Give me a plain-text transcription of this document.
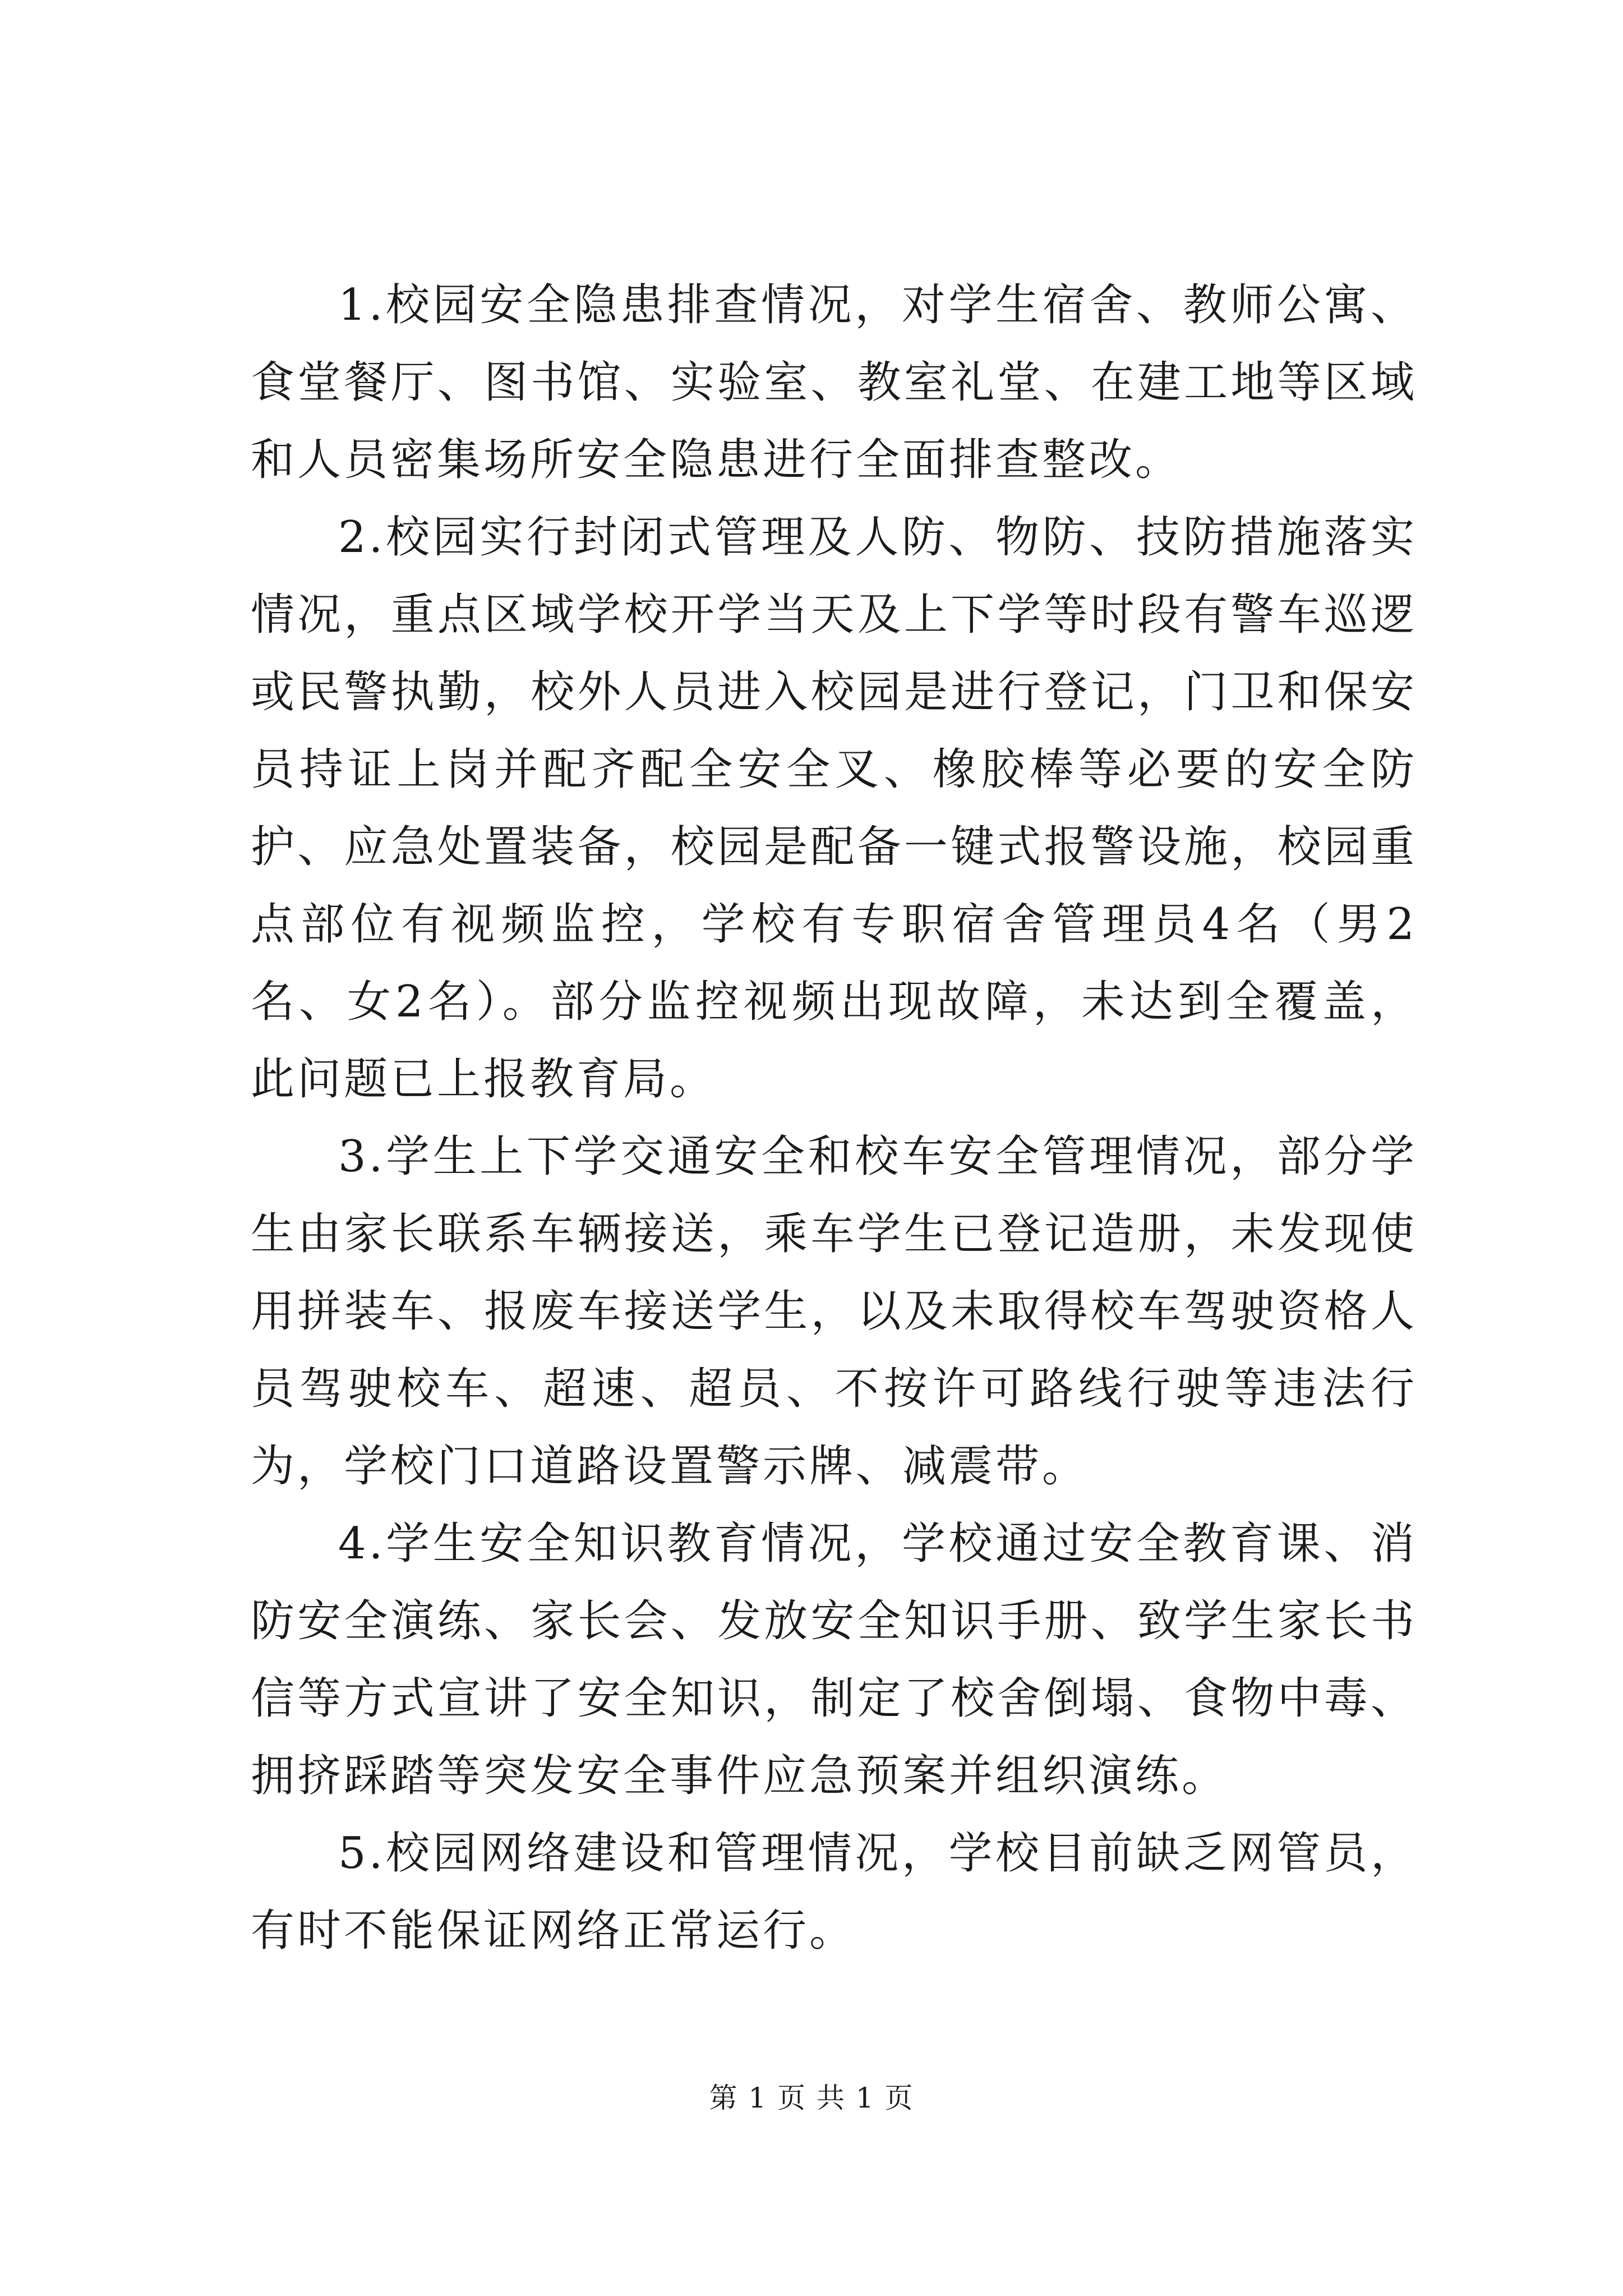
1.校园安全隐患排查情况，对学生宿舍、教师公寓、食堂餐厅、图书馆、实验室、教室礼堂、在建工地等区域和人员密集场所安全隐患进行全面排查整改。

2.校园实行封闭式管理及人防、物防、技防措施落实情况，重点区域学校开学当天及上下学等时段有警车巡逻或民警执勤，校外人员进入校园是进行登记，门卫和保安员持证上岗并配齐配全安全叉、橡胶棒等必要的安全防护、应急处置装备，校园是配备一键式报警设施，校园重点部位有视频监控，学校有专职宿舍管理员4名（男2名、女2名）。部分监控视频出现故障，未达到全覆盖，此问题已上报教育局。

3.学生上下学交通安全和校车安全管理情况，部分学生由家长联系车辆接送，乘车学生已登记造册，未发现使用拼装车、报废车接送学生，以及未取得校车驾驶资格人员驾驶校车、超速、超员、不按许可路线行驶等违法行为，学校门口道路设置警示牌、减震带。

4.学生安全知识教育情况，学校通过安全教育课、消防安全演练、家长会、发放安全知识手册、致学生家长书信等方式宣讲了安全知识，制定了校舍倒塌、食物中毒、拥挤踩踏等突发安全事件应急预案并组织演练。

5.校园网络建设和管理情况，学校目前缺乏网管员，有时不能保证网络正常运行。

第 1 页 共 1 页
